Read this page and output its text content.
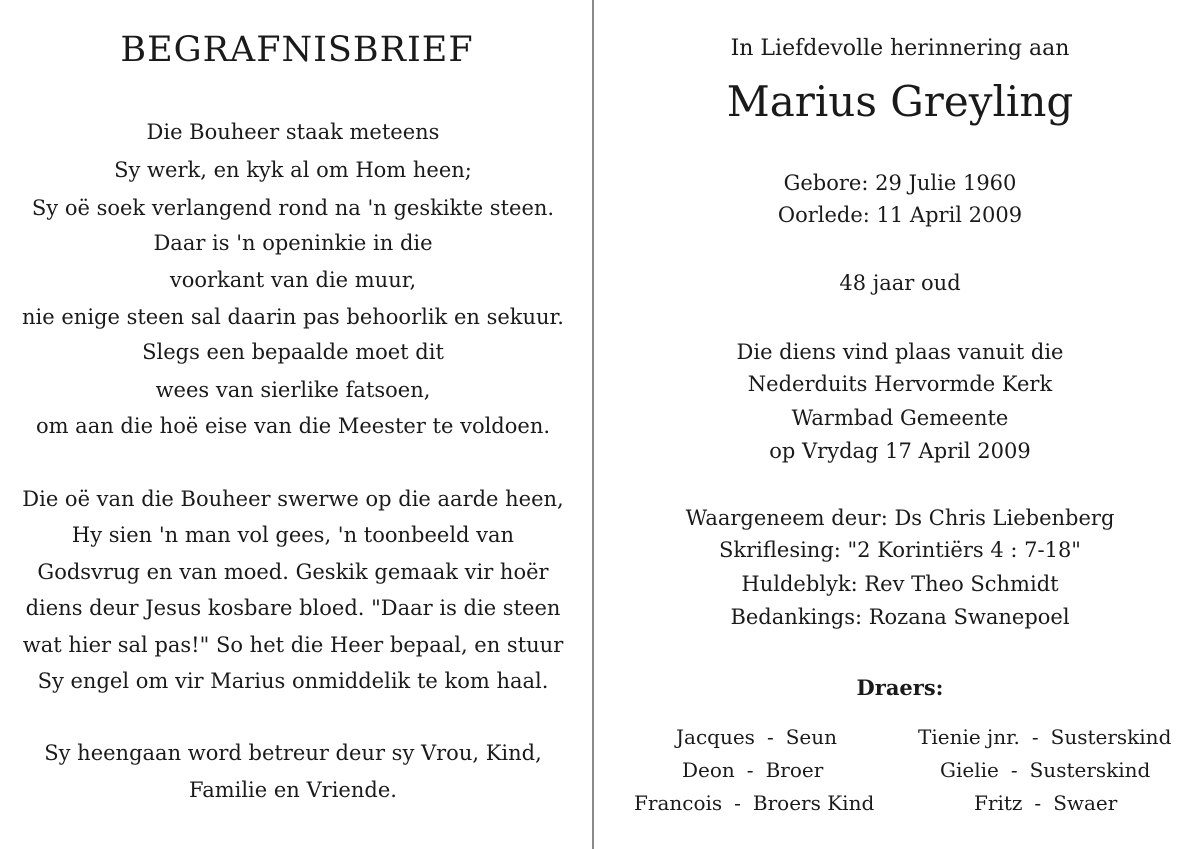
BEGRAFNISBRIEF

Die Bouheer staak meteens

Sy werk, en kyk al om Hom heen;

Sy oë soek verlangend rond na 'n geskikte steen.

Daar is 'n openinkie in die

voorkant van die muur,

nie enige steen sal daarin pas behoorlik en sekuur.

Slegs een bepaalde moet dit

wees van sierlike fatsoen,

om aan die hoë eise van die Meester te voldoen.

Die oë van die Bouheer swerwe op die aarde heen,

Hy sien 'n man vol gees, 'n toonbeeld van

Godsvrug en van moed. Geskik gemaak vir hoër

diens deur Jesus kosbare bloed. "Daar is die steen

wat hier sal pas!" So het die Heer bepaal, en stuur

Sy engel om vir Marius onmiddelik te kom haal.

Sy heengaan word betreur deur sy Vrou, Kind,

Familie en Vriende.

In Liefdevolle herinnering aan

Marius Greyling

Gebore: 29 Julie 1960

Oorlede: 11 April 2009

48 jaar oud

Die diens vind plaas vanuit die

Nederduits Hervormde Kerk

Warmbad Gemeente

op Vrydag 17 April 2009

Waargeneem deur: Ds Chris Liebenberg

Skriflesing: "2 Korintiërs 4 : 7-18"

Huldeblyk: Rev Theo Schmidt

Bedankings: Rozana Swanepoel

Draers:

Jacques - Seun
Deon - Broer
Francois - Broers Kind
Tienie jnr. - Susterskind
Gielie - Susterskind
Fritz - Swaer
